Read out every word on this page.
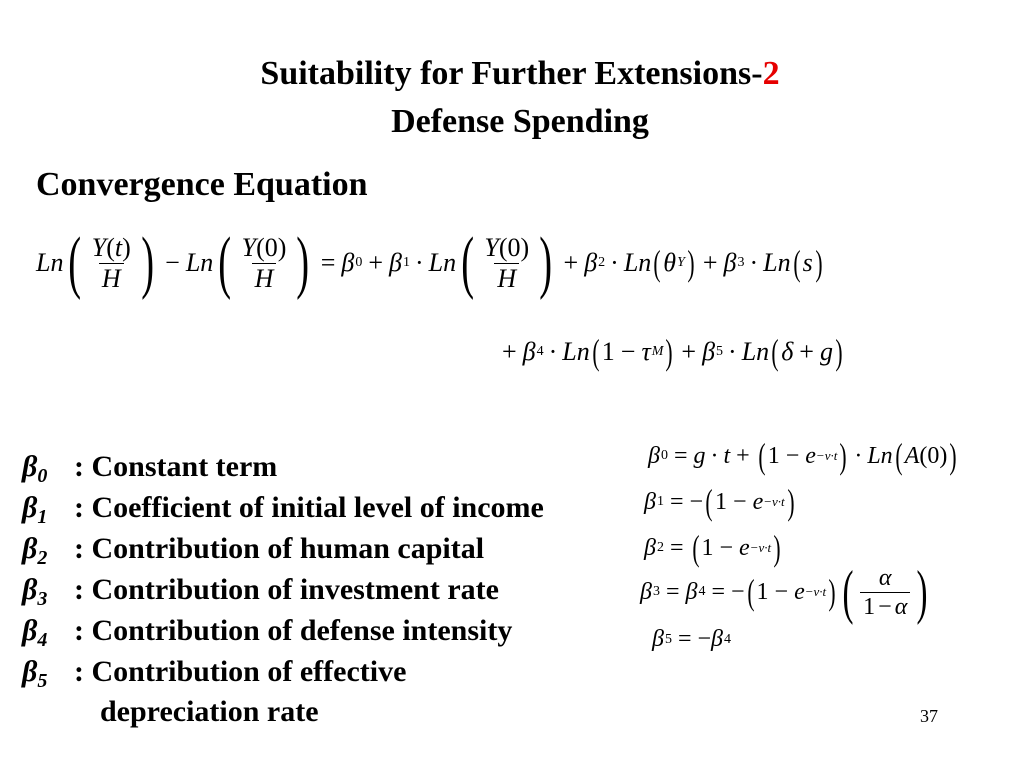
Suitability for Further Extensions-2
Defense Spending
Convergence Equation
Ln ( $\frac{Y(t)}{H}$ ) − Ln ( $\frac{Y(0)}{H}$ ) = β 0 + β 1 · Ln ( $\frac{Y(0)}{H}$ ) + β 2 · Ln ( θ Y ) + β 3 · Ln ( s )
+ β 4 · Ln ( 1 − τ M ) + β 5 · Ln ( δ + g )
$\beta_0$ : Constant term
$\beta_1$ : Coefficient of initial level of income
$\beta_2$ : Contribution of human capital
$\beta_3$ : Contribution of investment rate
$\beta_4$ : Contribution of defense intensity
$\beta_5$ : Contribution of effective
depreciation rate
β 0 = g · t + ( 1 − e −ν·t ) · Ln ( A (0) )
β 1 = − ( 1 − e −ν·t )
β 2 = ( 1 − e −ν·t )
β 3 = β 4 = − ( 1 − e −ν·t ) ( $\frac{\alpha}{1 - \alpha}$ )
β 5 = − β 4
37
